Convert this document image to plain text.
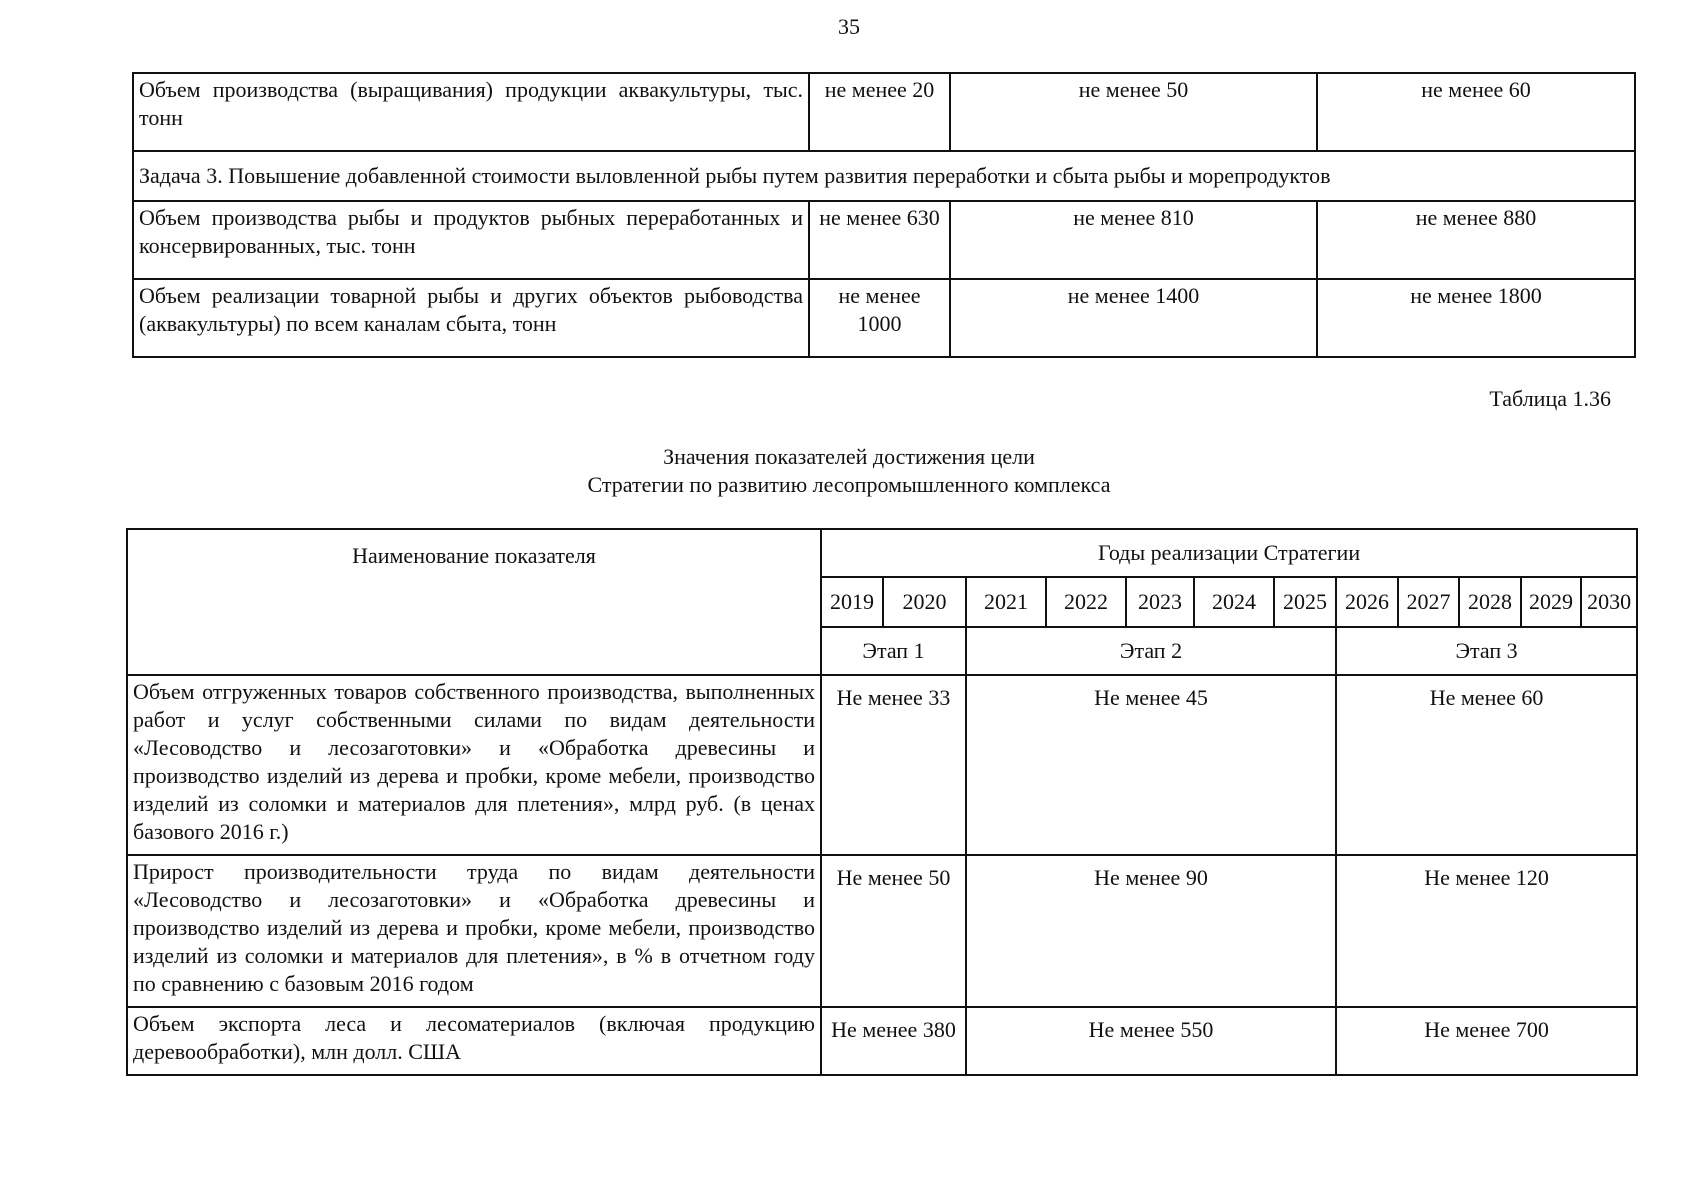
35
Объем производства (выращивания) продукции аквакультуры, тыс. тонн	не менее 20	не менее 50	не менее 60
Задача 3. Повышение добавленной стоимости выловленной рыбы путем развития переработки и сбыта рыбы и морепродуктов			
Объем производства рыбы и продуктов рыбных переработанных и консервированных, тыс. тонн	не менее 630	не менее 810	не менее 880
Объем реализации товарной рыбы и других объектов рыбоводства (аквакультуры) по всем каналам сбыта, тонн	не менее 1000	не менее 1400	не менее 1800
Таблица 1.36
Значения показателей достижения цели
Стратегии по развитию лесопромышленного комплекса
Наименование показателя	Годы реализации Стратегии											
	2019	2020	2021	2022	2023	2024	2025	2026	2027	2028	2029	2030
	Этап 1		Этап 2					Этап 3				
Объем отгруженных товаров собственного производства, выполненных работ и услуг собственными силами по видам деятельности «Лесоводство и лесозаготовки» и «Обработка древесины и производство изделий из дерева и пробки, кроме мебели, производство изделий из соломки и материалов для плетения», млрд руб. (в ценах базового 2016 г.)	Не менее 33		Не менее 45					Не менее 60				
Прирост производительности труда по видам деятельности «Лесоводство и лесозаготовки» и «Обработка древесины и производство изделий из дерева и пробки, кроме мебели, производство изделий из соломки и материалов для плетения», в % в отчетном году по сравнению с базовым 2016 годом	Не менее 50		Не менее 90					Не менее 120				
Объем экспорта леса и лесоматериалов (включая продукцию деревообработки), млн долл. США	Не менее 380		Не менее 550					Не менее 700				
